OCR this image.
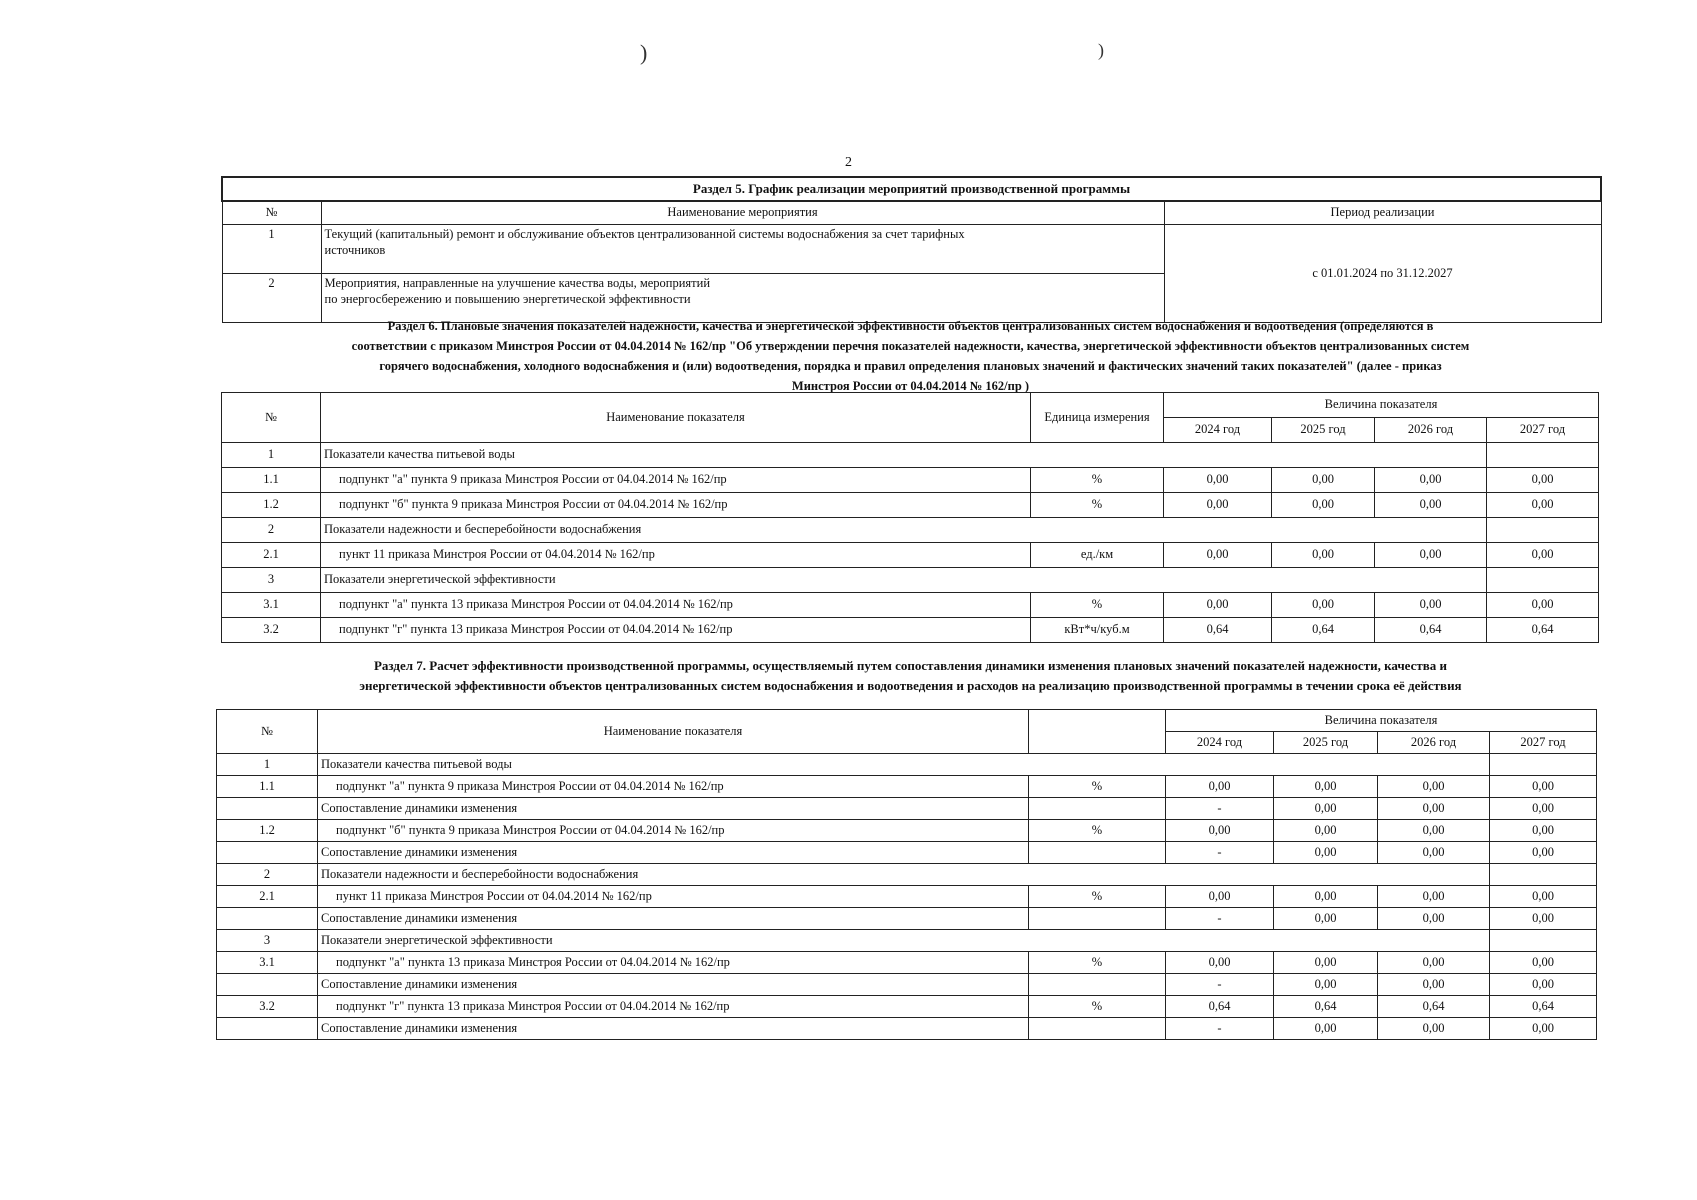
)	)
2
Раздел 5. График реализации мероприятий производственной программы		
№	Наименование мероприятия	Период реализации
1	Текущий (капитальный) ремонт и обслуживание объектов централизованной системы водоснабжения за счет тарифных
источников	с 01.01.2024 по 31.12.2027
2	Мероприятия, направленные на улучшение качества воды, мероприятий
по энергосбережению и повышению энергетической эффективности	
Раздел 6. Плановые значения показателей надежности, качества и энергетической эффективности объектов централизованных систем водоснабжения и водоотведения (определяются в
соответствии с приказом Минстроя России от 04.04.2014 № 162/пр "Об утверждении перечня показателей надежности, качества, энергетической эффективности объектов централизованных систем
горячего водоснабжения, холодного водоснабжения и (или) водоотведения, порядка и правил определения плановых значений и фактических значений таких показателей" (далее - приказ
Минстроя России от 04.04.2014 № 162/пр )
№	Наименование показателя	Единица измерения	Величина показателя			
			2024 год	2025 год	2026 год	2027 год
1	Показатели качества питьевой воды					
1.1	подпункт "а" пункта 9 приказа Минстроя России от 04.04.2014 № 162/пр	%	0,00	0,00	0,00	0,00
1.2	подпункт "б" пункта 9 приказа Минстроя России от 04.04.2014 № 162/пр	%	0,00	0,00	0,00	0,00
2	Показатели надежности и бесперебойности водоснабжения					
2.1	пункт 11 приказа Минстроя России от 04.04.2014 № 162/пр	ед./км	0,00	0,00	0,00	0,00
3	Показатели энергетической эффективности					
3.1	подпункт "а" пункта 13 приказа Минстроя России от 04.04.2014 № 162/пр	%	0,00	0,00	0,00	0,00
3.2	подпункт "г" пункта 13 приказа Минстроя России от 04.04.2014 № 162/пр	кВт*ч/куб.м	0,64	0,64	0,64	0,64
Раздел 7. Расчет эффективности производственной программы, осуществляемый путем сопоставления динамики изменения плановых значений показателей надежности, качества и
энергетической эффективности объектов централизованных систем водоснабжения и водоотведения и расходов на реализацию производственной программы в течении срока её действия
№	Наименование показателя		Величина показателя			
			2024 год	2025 год	2026 год	2027 год
1	Показатели качества питьевой воды					
1.1	подпункт "а" пункта 9 приказа Минстроя России от 04.04.2014 № 162/пр	%	0,00	0,00	0,00	0,00
	Сопоставление динамики изменения		-	0,00	0,00	0,00
1.2	подпункт "б" пункта 9 приказа Минстроя России от 04.04.2014 № 162/пр	%	0,00	0,00	0,00	0,00
	Сопоставление динамики изменения		-	0,00	0,00	0,00
2	Показатели надежности и бесперебойности водоснабжения					
2.1	пункт 11 приказа Минстроя России от 04.04.2014 № 162/пр	%	0,00	0,00	0,00	0,00
	Сопоставление динамики изменения		-	0,00	0,00	0,00
3	Показатели энергетической эффективности					
3.1	подпункт "а" пункта 13 приказа Минстроя России от 04.04.2014 № 162/пр	%	0,00	0,00	0,00	0,00
	Сопоставление динамики изменения		-	0,00	0,00	0,00
3.2	подпункт "г" пункта 13 приказа Минстроя России от 04.04.2014 № 162/пр	%	0,64	0,64	0,64	0,64
	Сопоставление динамики изменения		-	0,00	0,00	0,00
